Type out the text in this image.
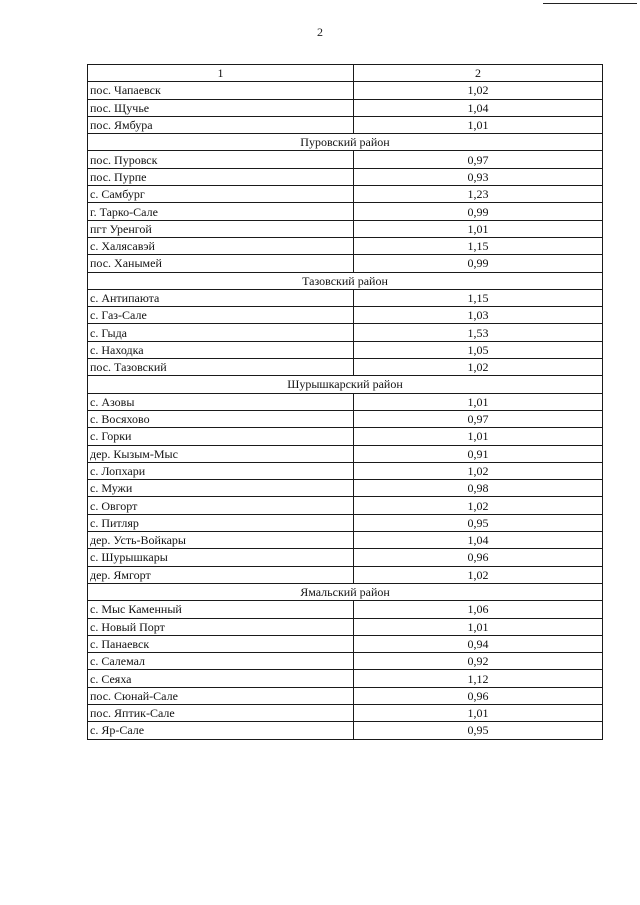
2
1	2
пос. Чапаевск	1,02
пос. Щучье	1,04
пос. Ямбура	1,01
Пуровский район	
пос. Пуровск	0,97
пос. Пурпе	0,93
с. Самбург	1,23
г. Тарко-Сале	0,99
пгт Уренгой	1,01
с. Халясавэй	1,15
пос. Ханымей	0,99
Тазовский район	
с. Антипаюта	1,15
с. Газ-Сале	1,03
с. Гыда	1,53
с. Находка	1,05
пос. Тазовский	1,02
Шурышкарский район	
с. Азовы	1,01
с. Восяхово	0,97
с. Горки	1,01
дер. Кызым-Мыс	0,91
с. Лопхари	1,02
с. Мужи	0,98
с. Овгорт	1,02
с. Питляр	0,95
дер. Усть-Войкары	1,04
с. Шурышкары	0,96
дер. Ямгорт	1,02
Ямальский район	
с. Мыс Каменный	1,06
с. Новый Порт	1,01
с. Панаевск	0,94
с. Салемал	0,92
с. Сеяха	1,12
пос. Сюнай-Сале	0,96
пос. Яптик-Сале	1,01
с. Яр-Сале	0,95
